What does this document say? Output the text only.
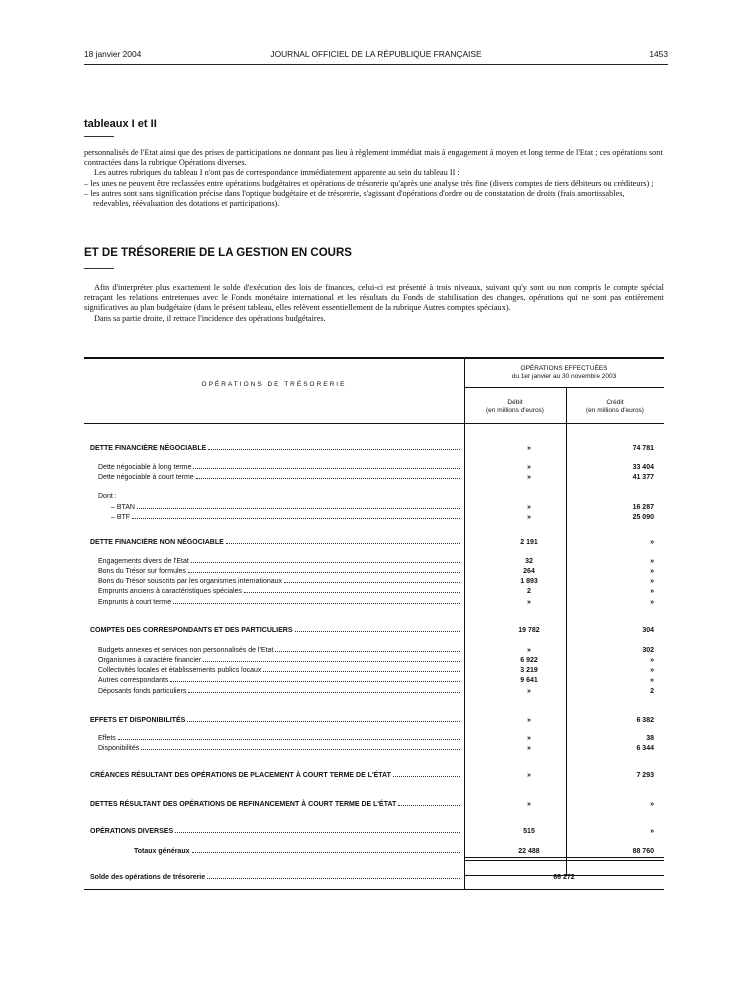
18 janvier 2004	JOURNAL OFFICIEL DE LA RÉPUBLIQUE FRANÇAISE	1453
tableaux I et II

personnalisés de l'Etat ainsi que des prises de participations ne donnant pas lieu à règlement immédiat mais à engagement à moyen et long terme de l'Etat ; ces opérations sont contractées dans la rubrique Opérations diverses.

Les autres rubriques du tableau I n'ont pas de correspondance immédiatement apparente au sein du tableau II :

– les unes ne peuvent être reclassées entre opérations budgétaires et opérations de trésorerie qu'après une analyse très fine (divers comptes de tiers débiteurs ou créditeurs) ;

– les autres sont sans signification précise dans l'optique budgétaire et de trésorerie, s'agissant d'opérations d'ordre ou de constatation de droits (frais amortissables, redevables, réévaluation des dotations et participations).

ET DE TRÉSORERIE DE LA GESTION EN COURS

Afin d'interpréter plus exactement le solde d'exécution des lois de finances, celui-ci est présenté à trois niveaux, suivant qu'y sont ou non compris le compte spécial retraçant les relations entretenues avec le Fonds monétaire international et les résultats du Fonds de stabilisation des changes, opérations qui ne sont pas entièrement significatives au plan budgétaire (dans le présent tableau, elles relèvent essentiellement de la rubrique Autres comptes spéciaux).

Dans sa partie droite, il retrace l'incidence des opérations budgétaires.

OPÉRATIONS DE TRÉSORERIE
OPÉRATIONS EFFECTUÉES
du 1er janvier au 30 novembre 2003
Débit
(en millions d'euros)
Crédit
(en millions d'euros)
DETTE FINANCIÈRE NÉGOCIABLE	»	74 781
Dette négociable à long terme	»	33 404
Dette négociable à court terme	»	41 377
Dont :
– BTAN	»	16 287
– BTF	»	25 090
DETTE FINANCIÈRE NON NÉGOCIABLE	2 191	»
Engagements divers de l'Etat	32	»
Bons du Trésor sur formules	264	»
Bons du Trésor souscrits par les organismes internationaux	1 893	»
Emprunts anciens à caractéristiques spéciales	2	»
Emprunts à court terme	»	»
COMPTES DES CORRESPONDANTS ET DES PARTICULIERS	19 782	304
Budgets annexes et services non personnalisés de l'Etat	»	302
Organismes à caractère financier	6 922	»
Collectivités locales et établissements publics locaux	3 219	»
Autres correspondants	9 641	»
Déposants fonds particuliers	»	2
EFFETS ET DISPONIBILITÉS	»	6 382
Effets	»	38
Disponibilités	»	6 344
CRÉANCES RÉSULTANT DES OPÉRATIONS DE PLACEMENT À COURT TERME DE L'ÉTAT	»	7 293
DETTES RÉSULTANT DES OPÉRATIONS DE REFINANCEMENT À COURT TERME DE L'ÉTAT	»	»
OPÉRATIONS DIVERSES	515	»
Totaux généraux	22 488	88 760
Solde des opérations de trésorerie	66 272
